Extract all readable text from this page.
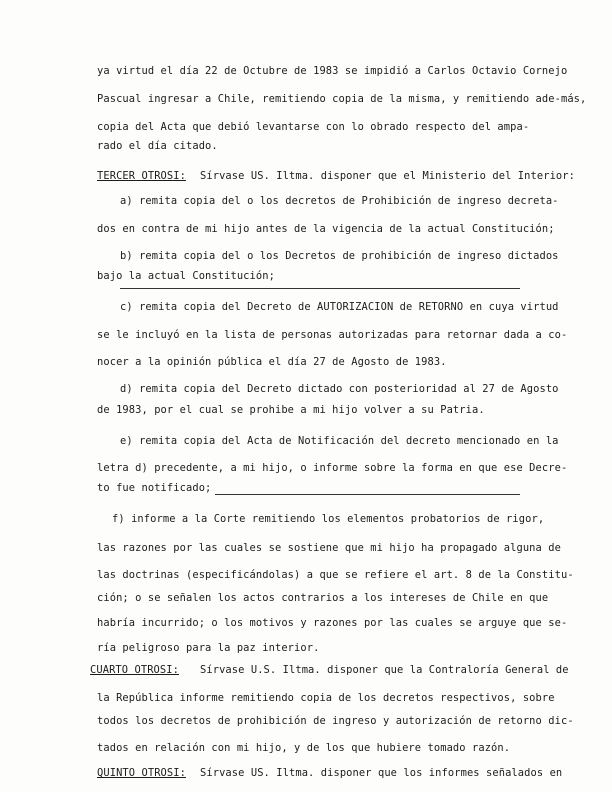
ya virtud el día 22 de Octubre de 1983 se impidió a Carlos Octavio Cornejo
Pascual ingresar a Chile, remitiendo copia de la misma, y remitiendo ade-más,
copia del Acta que debió levantarse con lo obrado respecto del ampa-
rado el día citado.
TERCER OTROSI: Sírvase US. Iltma. disponer que el Ministerio del Interior:
a) remita copia del o los decretos de Prohibición de ingreso decreta-
dos en contra de mi hijo antes de la vigencia de la actual Constitución;
b) remita copia del o los Decretos de prohibición de ingreso dictados
bajo la actual Constitución;
c) remita copia del Decreto de AUTORIZACION de RETORNO en cuya virtud
se le incluyó en la lista de personas autorizadas para retornar dada a co-
nocer a la opinión pública el día 27 de Agosto de 1983.
d) remita copia del Decreto dictado con posterioridad al 27 de Agosto
de 1983, por el cual se prohibe a mi hijo volver a su Patria.
e) remita copia del Acta de Notificación del decreto mencionado en la
letra d) precedente, a mi hijo, o informe sobre la forma en que ese Decre-
to fue notificado;
f) informe a la Corte remitiendo los elementos probatorios de rigor,
las razones por las cuales se sostiene que mi hijo ha propagado alguna de
las doctrinas (especificándolas) a que se refiere el art. 8 de la Constitu-
ción; o se señalen los actos contrarios a los intereses de Chile en que
habría incurrido; o los motivos y razones por las cuales se arguye que se-
ría peligroso para la paz interior.
CUARTO OTROSI: Sírvase U.S. Iltma. disponer que la Contraloría General de
la República informe remitiendo copia de los decretos respectivos, sobre
todos los decretos de prohibición de ingreso y autorización de retorno dic-
tados en relación con mi hijo, y de los que hubiere tomado razón.
QUINTO OTROSI: Sírvase US. Iltma. disponer que los informes señalados en
